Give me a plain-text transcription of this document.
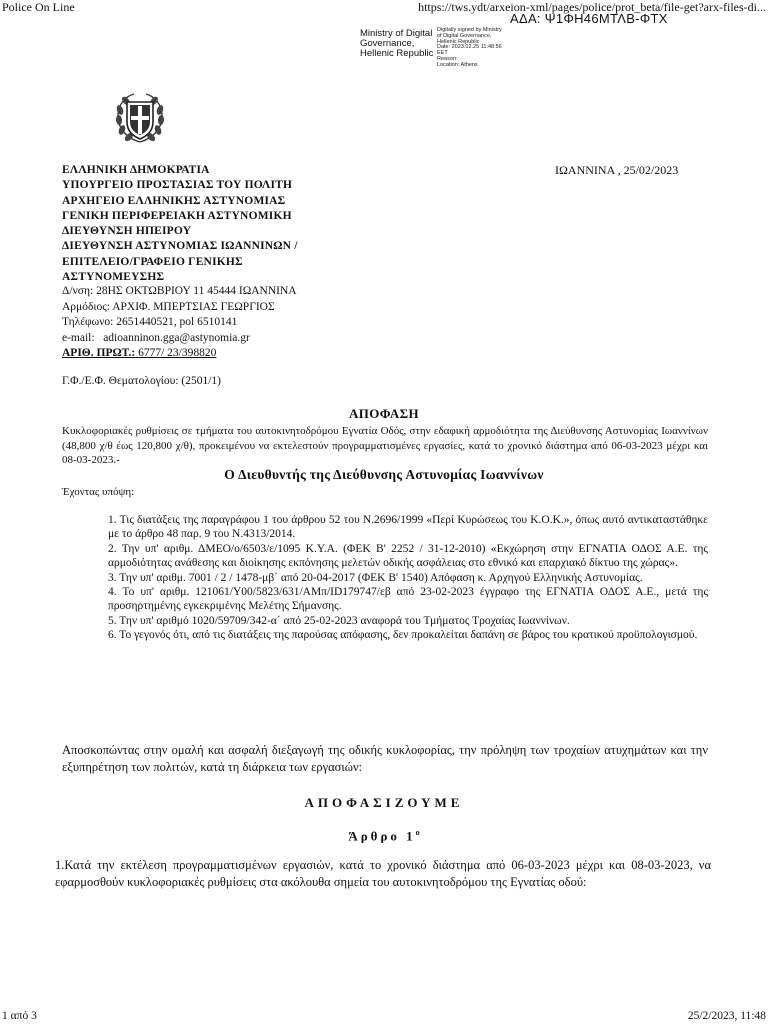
Police On Line	https://tws.ydt/arxeion-xml/pages/police/prot_beta/file-get?arx-files-di...
ΑΔΑ: Ψ1ΦΗ46ΜΤΛΒ-ΦΤΧ
Ministry of Digital Governance, Hellenic Republic
Digitally signed by Ministry
of Digital Governance,
Hellenic Republic
Date: 2023.02.25 11:48:56
EET
Reason:
Location: Athens
ΕΛΛΗΝΙΚΗ ΔΗΜΟΚΡΑΤΙΑ
ΥΠΟΥΡΓΕΙΟ ΠΡΟΣΤΑΣΙΑΣ ΤΟΥ ΠΟΛΙΤΗ
ΑΡΧΗΓΕΙΟ ΕΛΛΗΝΙΚΗΣ ΑΣΤΥΝΟΜΙΑΣ
ΓΕΝΙΚΗ ΠΕΡΙΦΕΡΕΙΑΚΗ ΑΣΤΥΝΟΜΙΚΗ
ΔΙΕΥΘΥΝΣΗ ΗΠΕΙΡΟΥ
ΔΙΕΥΘΥΝΣΗ ΑΣΤΥΝΟΜΙΑΣ ΙΩΑΝΝΙΝΩΝ /
ΕΠΙΤΕΛΕΙΟ/ΓΡΑΦΕΙΟ ΓΕΝΙΚΗΣ
ΑΣΤΥΝΟΜΕΥΣΗΣ
ΙΩΑΝΝΙΝΑ , 25/02/2023
Δ/νση: 28ΗΣ ΟΚΤΩΒΡΙΟΥ 11 45444 ΙΩΑΝΝΙΝΑ
Αρμόδιος: ΑΡΧΙΦ. ΜΠΕΡΤΣΙΑΣ ΓΕΩΡΓΙΟΣ
Τηλέφωνο: 2651440521, pol 6510141
e-mail: adioanninon.gga@astynomia.gr
ΑΡΙΘ. ΠΡΩΤ.: 6777/ 23/398820
Γ.Φ./Ε.Φ. Θεματολογίου: (2501/1)
ΑΠΟΦΑΣΗ
Κυκλοφοριακές ρυθμίσεις σε τμήματα του αυτοκινητοδρόμου Εγνατία Οδός, στην εδαφική αρμοδιότητα της Διεύθυνσης Αστυνομίας Ιωαννίνων (48,800 χ/θ έως 120,800 χ/θ), προκειμένου να εκτελεστούν προγραμματισμένες εργασίες, κατά το χρονικό διάστημα από 06-03-2023 μέχρι και 08-03-2023.-
Ο Διευθυντής της Διεύθυνσης Αστυνομίας Ιωαννίνων
Έχοντας υπόψη:

1. Τις διατάξεις της παραγράφου 1 του άρθρου 52 του Ν.2696/1999 «Περί Κυρώσεως του Κ.Ο.Κ.», όπως αυτό αντικαταστάθηκε με το άρθρο 48 παρ. 9 του Ν.4313/2014.

2. Την υπ' αριθμ. ΔΜΕΟ/ο/6503/ε/1095 Κ.Υ.Α. (ΦΕΚ Β' 2252 / 31-12-2010) «Εκχώρηση στην ΕΓΝΑΤΙΑ ΟΔΟΣ Α.Ε. της αρμοδιότητας ανάθεσης και διοίκησης εκπόνησης μελετών οδικής ασφάλειας στο εθνικό και επαρχιακό δίκτυο της χώρας».

3. Την υπ' αριθμ. 7001 / 2 / 1478-μβ΄ από 20-04-2017 (ΦΕΚ Β' 1540) Απόφαση κ. Αρχηγού Ελληνικής Αστυνομίας.

4. Το υπ' αριθμ. 121061/Υ00/5823/631/ΑΜπ/ΙD179747/εβ από 23-02-2023 έγγραφο της ΕΓΝΑΤΙΑ ΟΔΟΣ Α.Ε., μετά της προσηρτημένης εγκεκριμένης Μελέτης Σήμανσης.

5. Την υπ' αριθμό 1020/59709/342-α΄ από 25-02-2023 αναφορά του Τμήματος Τροχαίας Ιωαννίνων.

6. Το γεγονός ότι, από τις διατάξεις της παρούσας απόφασης, δεν προκαλείται δαπάνη σε βάρος του κρατικού προϋπολογισμού.

Αποσκοπώντας στην ομαλή και ασφαλή διεξαγωγή της οδικής κυκλοφορίας, την πρόληψη των τροχαίων ατυχημάτων και την εξυπηρέτηση των πολιτών, κατά τη διάρκεια των εργασιών:
ΑΠΟΦΑΣΙΖΟΥΜΕ
Άρθρο $1^o$
1.Κατά την εκτέλεση προγραμματισμένων εργασιών, κατά το χρονικό διάστημα από 06-03-2023 μέχρι και 08-03-2023, να εφαρμοσθούν κυκλοφοριακές ρυθμίσεις στα ακόλουθα σημεία του αυτοκινητοδρόμου της Εγνατίας οδού:
1 από 3	25/2/2023, 11:48
